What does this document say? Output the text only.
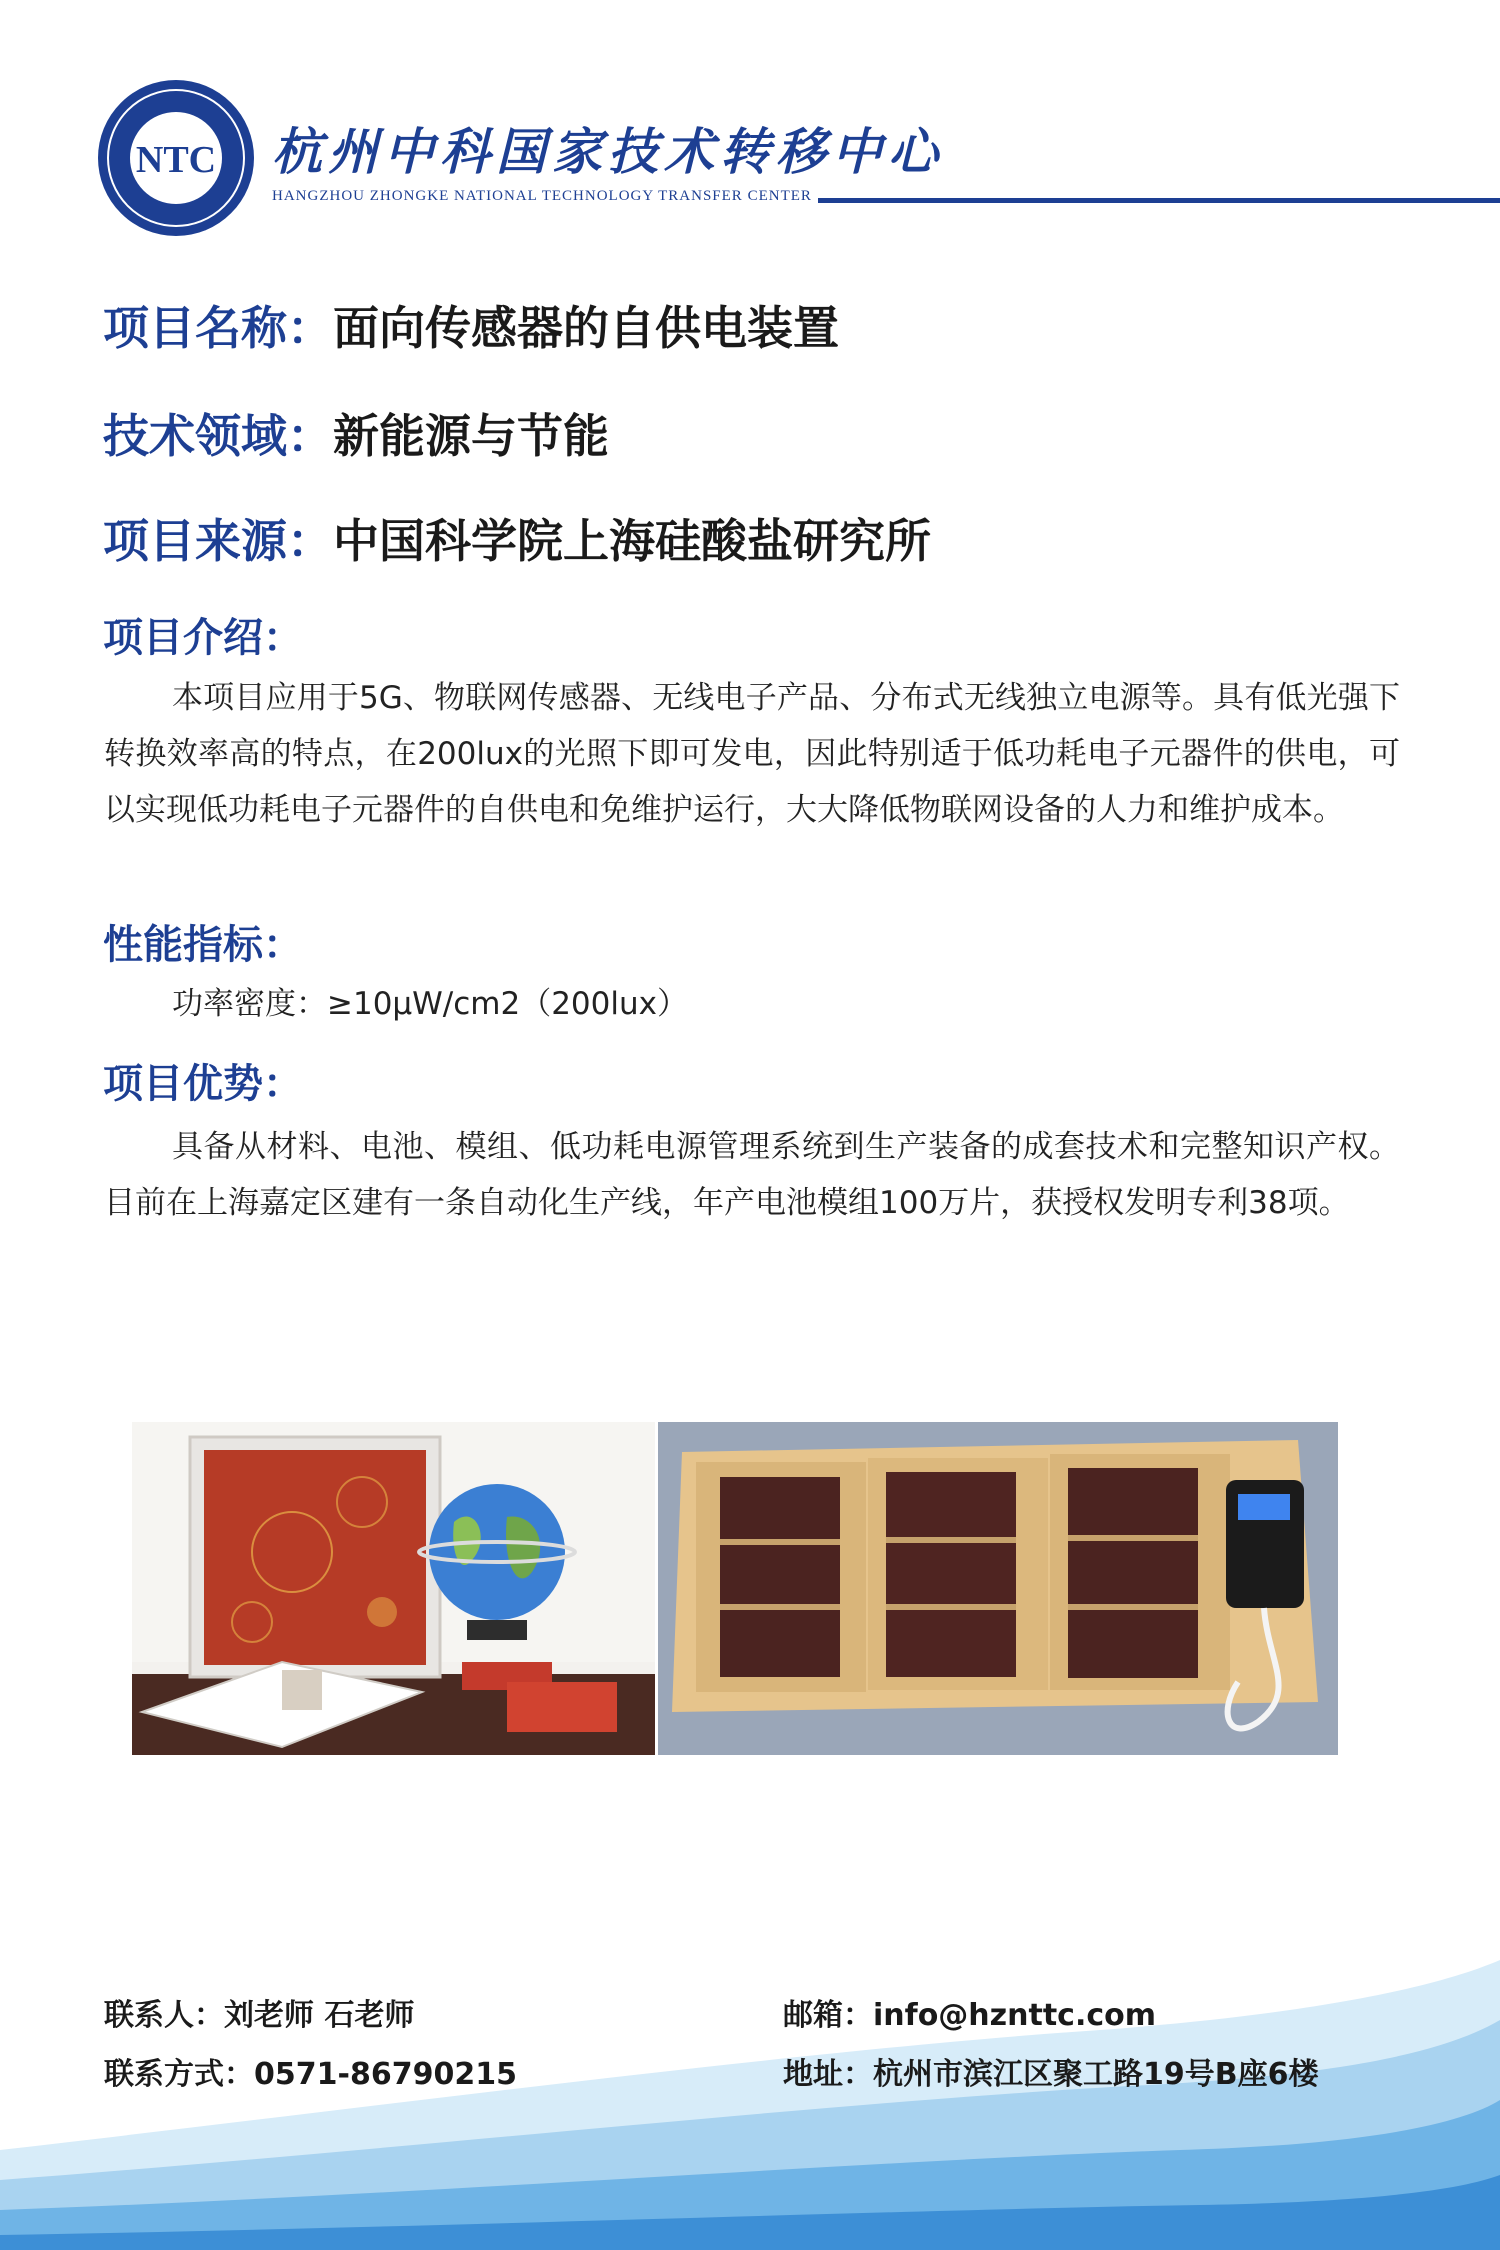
NTC 杭州中科国家技术转移中心
HANGZHOU ZHONGKE NATIONAL TECHNOLOGY TRANSFER CENTER
项目名称：面向传感器的自供电装置
技术领域：新能源与节能
项目来源：中国科学院上海硅酸盐研究所
项目介绍：

本项目应用于5G、物联网传感器、无线电子产品、分布式无线独立电源等。具有低光强下转换效率高的特点，在200lux的光照下即可发电，因此特别适于低功耗电子元器件的供电，可以实现低功耗电子元器件的自供电和免维护运行，大大降低物联网设备的人力和维护成本。

性能指标：
功率密度：≥10μW/cm2（200lux）
项目优势：

具备从材料、电池、模组、低功耗电源管理系统到生产装备的成套技术和完整知识产权。目前在上海嘉定区建有一条自动化生产线，年产电池模组100万片，获授权发明专利38项。

联系人：刘老师 石老师
联系方式：0571-86790215
邮箱：info@hznttc.com
地址：杭州市滨江区聚工路19号B座6楼
